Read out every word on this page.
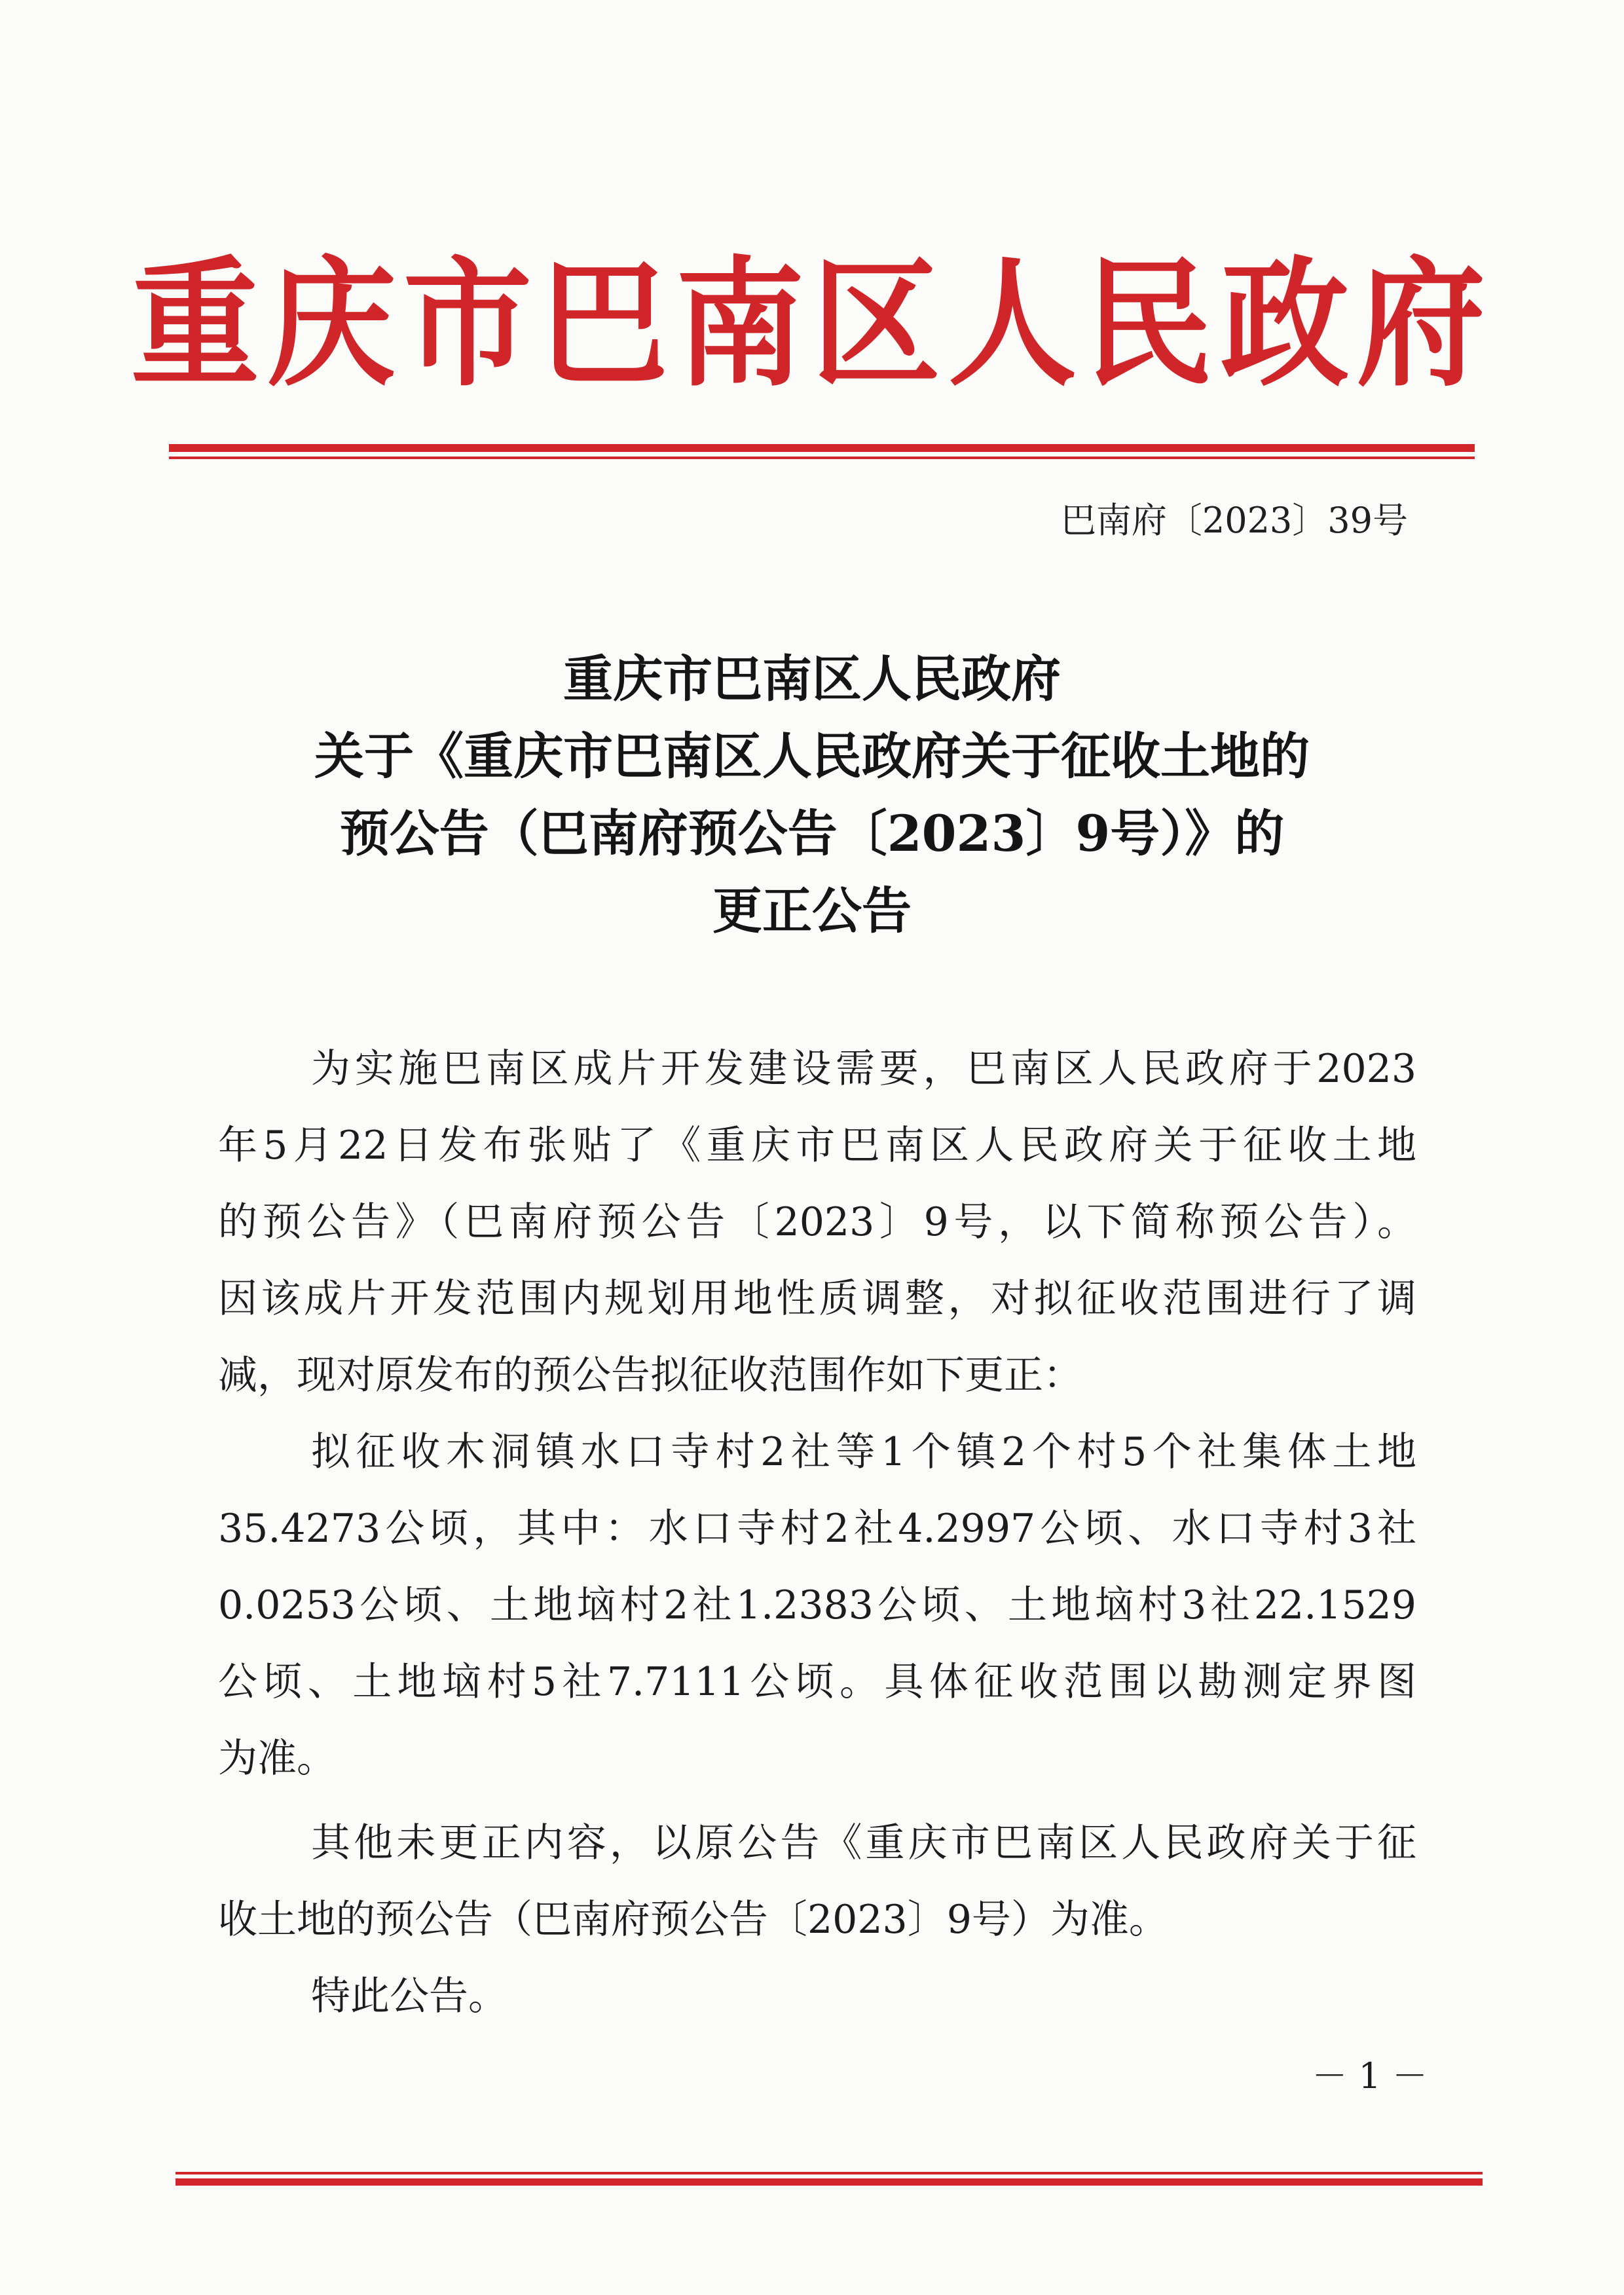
重庆市巴南区人民政府
巴南府〔2023〕39号
重庆市巴南区人民政府
关于《重庆市巴南区人民政府关于征收土地的
预公告（巴南府预公告〔2023〕9号）》的
更正公告
为实施巴南区成片开发建设需要，巴南区人民政府于2023
年5月22日发布张贴了《重庆市巴南区人民政府关于征收土地
的预公告》（巴南府预公告〔2023〕9号，以下简称预公告）。
因该成片开发范围内规划用地性质调整，对拟征收范围进行了调
减，现对原发布的预公告拟征收范围作如下更正：
拟征收木洞镇水口寺村2社等1个镇2个村5个社集体土地
35.4273公顷，其中：水口寺村2社4.2997公顷、水口寺村3社
0.0253公顷、土地垴村2社1.2383公顷、土地垴村3社22.1529
公顷、土地垴村5社7.7111公顷。具体征收范围以勘测定界图
为准。
其他未更正内容，以原公告《重庆市巴南区人民政府关于征
收土地的预公告（巴南府预公告〔2023〕9号）为准。
特此公告。
－ 1 －
